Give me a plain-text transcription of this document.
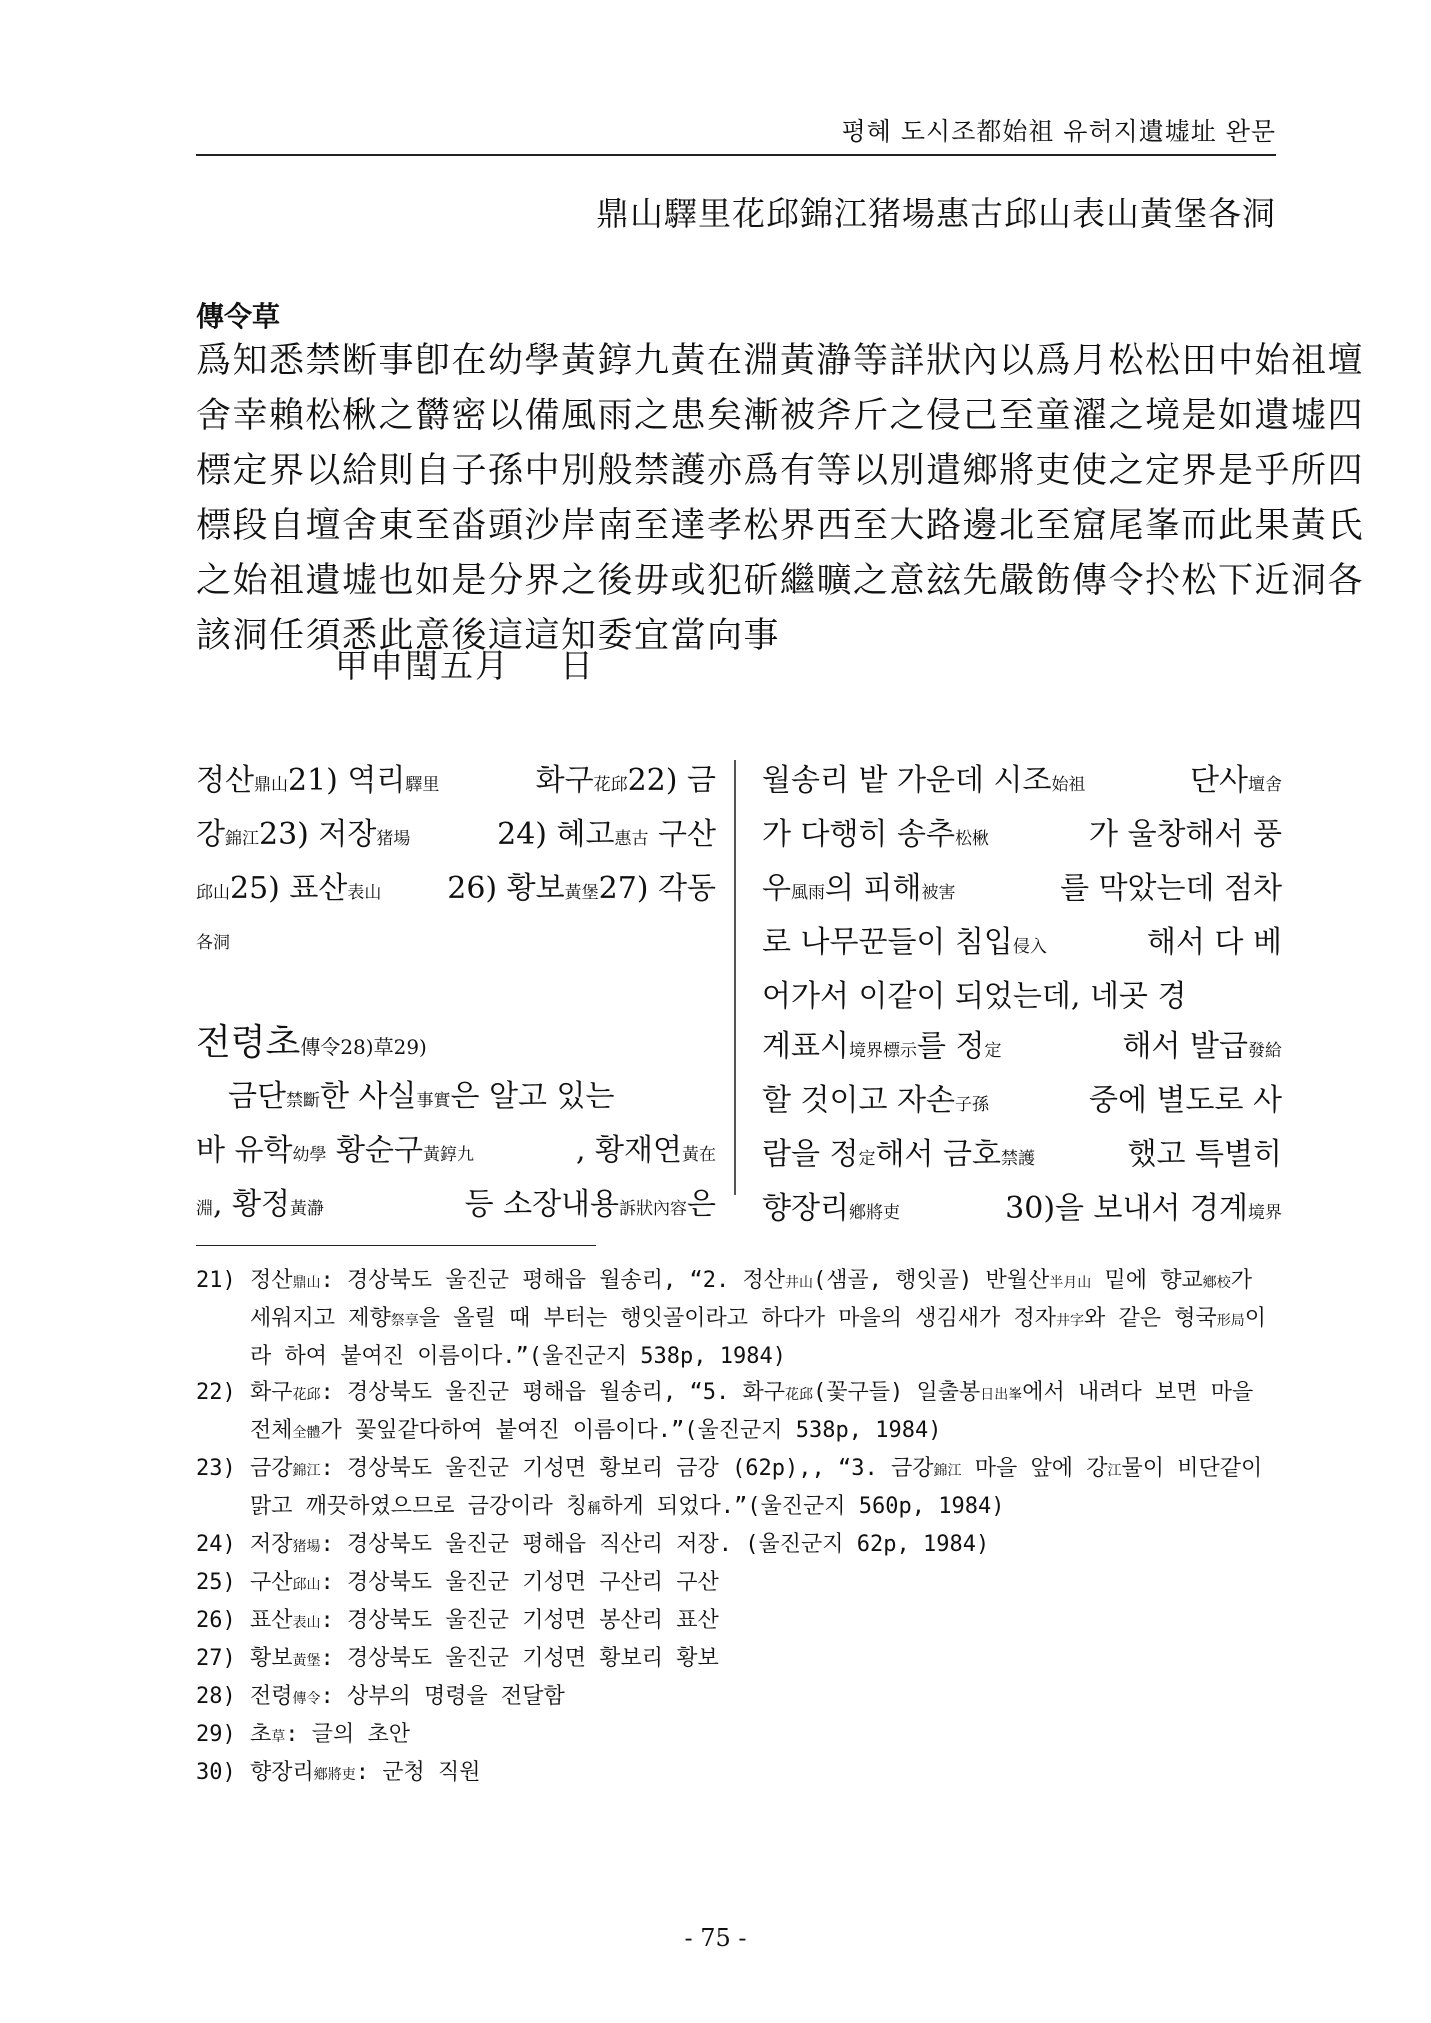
평혜 도시조都始祖 유허지遺墟址 완문
鼎山驛里花邱錦江猪場惠古邱山表山黃堡各洞
傳令草

爲知悉禁断事卽在幼學黃錞九黃在淵黃瀞等詳狀內以爲月松松田中始祖壇

舍幸賴松楸之欝密以備風雨之患矣漸被斧斤之侵己至童濯之境是如遺墟四

標定界以給則自子孫中別般禁護亦爲有等以別遣鄉將吏使之定界是乎所四

標段自壇舍東至畓頭沙岸南至達孝松界西至大路邊北至窟尾峯而此果黃氏

之始祖遺墟也如是分界之後毋或犯斫繼曠之意玆先嚴飭傳令扵松下近洞各

該洞任須悉此意後這這知委宜當向事

甲申閏五月    日
정산鼎山21) 역리驛里	화구花邱22) 금
강錦江23) 저장猪場	24) 혜고惠古 구산
邱山25) 표산表山 26) 황보黃堡27) 각동
各洞
전령초傳令28)草29)
금단禁斷한 사실事實은 알고 있는
바 유학幼學 황순구黃錞九	, 황재연黃在
淵, 황정黃瀞	등 소장내용訴狀內容은
월송리 밭 가운데 시조始祖	단사壇舍
가 다행히 송추松楸	가 울창해서 풍
우風雨의 피해被害	를 막았는데 점차
로 나무꾼들이 침입侵入	해서 다 베
어가서 이같이 되었는데, 네곳 경
계표시境界標示를 정定	해서 발급發給
할 것이고 자손子孫	중에 별도로 사
람을 정定해서 금호禁護	했고 특별히
향장리鄕將吏	30)을 보내서 경계境界
21) 정산鼎山: 경상북도 울진군 평해읍 월송리, “2. 정산井山(샘골, 행잇골) 반월산半月山 밑에 향교鄕校가 세워지고 제향祭享을 올릴 때 부터는 행잇골이라고 하다가 마을의 생김새가 정자井字와 같은 형국形局이라 하여 붙여진 이름이다.”(울진군지 538p, 1984)
22) 화구花邱: 경상북도 울진군 평해읍 월송리, “5. 화구花邱(꽃구들) 일출봉日出峯에서 내려다 보면 마을 전체全體가 꽃잎같다하여 붙여진 이름이다.”(울진군지 538p, 1984)
23) 금강錦江: 경상북도 울진군 기성면 황보리 금강 (62p),, “3. 금강錦江 마을 앞에 강江물이 비단같이 맑고 깨끗하였으므로 금강이라 칭稱하게 되었다.”(울진군지 560p, 1984)
24) 저장猪場: 경상북도 울진군 평해읍 직산리 저장. (울진군지 62p, 1984)
25) 구산邱山: 경상북도 울진군 기성면 구산리 구산
26) 표산表山: 경상북도 울진군 기성면 봉산리 표산
27) 황보黃堡: 경상북도 울진군 기성면 황보리 황보
28) 전령傳令: 상부의 명령을 전달함
29) 초草: 글의 초안
30) 향장리鄕將吏: 군청 직원
- 75 -
